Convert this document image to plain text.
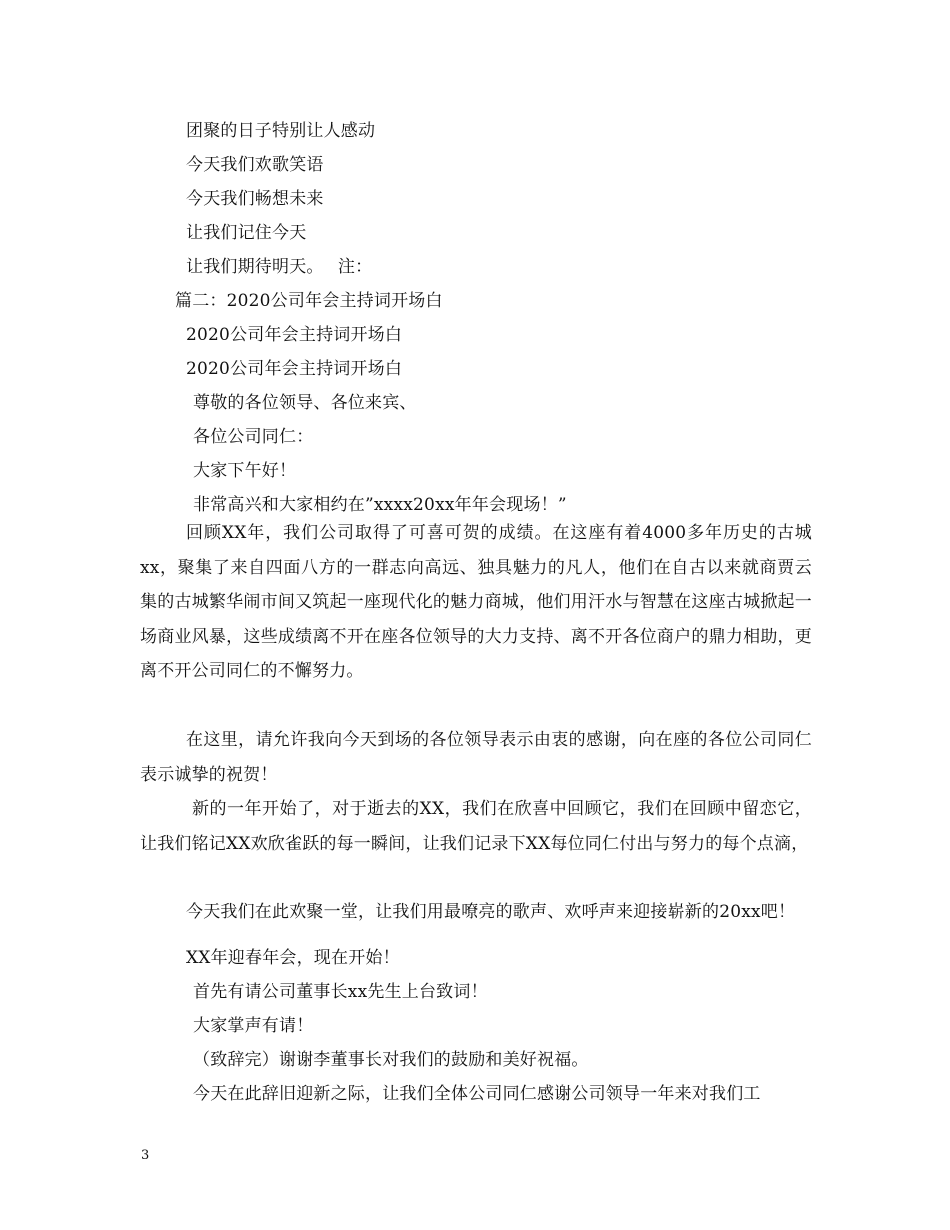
团聚的日子特别让人感动
今天我们欢歌笑语
今天我们畅想未来
让我们记住今天
让我们期待明天。　 注：
篇二：2020公司年会主持词开场白
2020公司年会主持词开场白
2020公司年会主持词开场白
尊敬的各位领导、各位来宾、
各位公司同仁：
大家下午好！
非常高兴和大家相约在”xxxx20xx年年会现场！”

回顾XX年，我们公司取得了可喜可贺的成绩。在这座有着4000多年历史的古城xx，聚集了来自四面八方的一群志向高远、独具魅力的凡人，他们在自古以来就商贾云集的古城繁华闹市间又筑起一座现代化的魅力商城，他们用汗水与智慧在这座古城掀起一场商业风暴，这些成绩离不开在座各位领导的大力支持、离不开各位商户的鼎力相助，更离不开公司同仁的不懈努力。

在这里，请允许我向今天到场的各位领导表示由衷的感谢，向在座的各位公司同仁表示诚挚的祝贺！

新的一年开始了，对于逝去的XX，我们在欣喜中回顾它，我们在回顾中留恋它，让我们铭记XX欢欣雀跃的每一瞬间，让我们记录下XX每位同仁付出与努力的每个点滴，

今天我们在此欢聚一堂，让我们用最嘹亮的歌声、欢呼声来迎接崭新的20xx吧！

XX年迎春年会，现在开始！
首先有请公司董事长xx先生上台致词！
大家掌声有请！
（致辞完）谢谢李董事长对我们的鼓励和美好祝福。
今天在此辞旧迎新之际，让我们全体公司同仁感谢公司领导一年来对我们工
3
